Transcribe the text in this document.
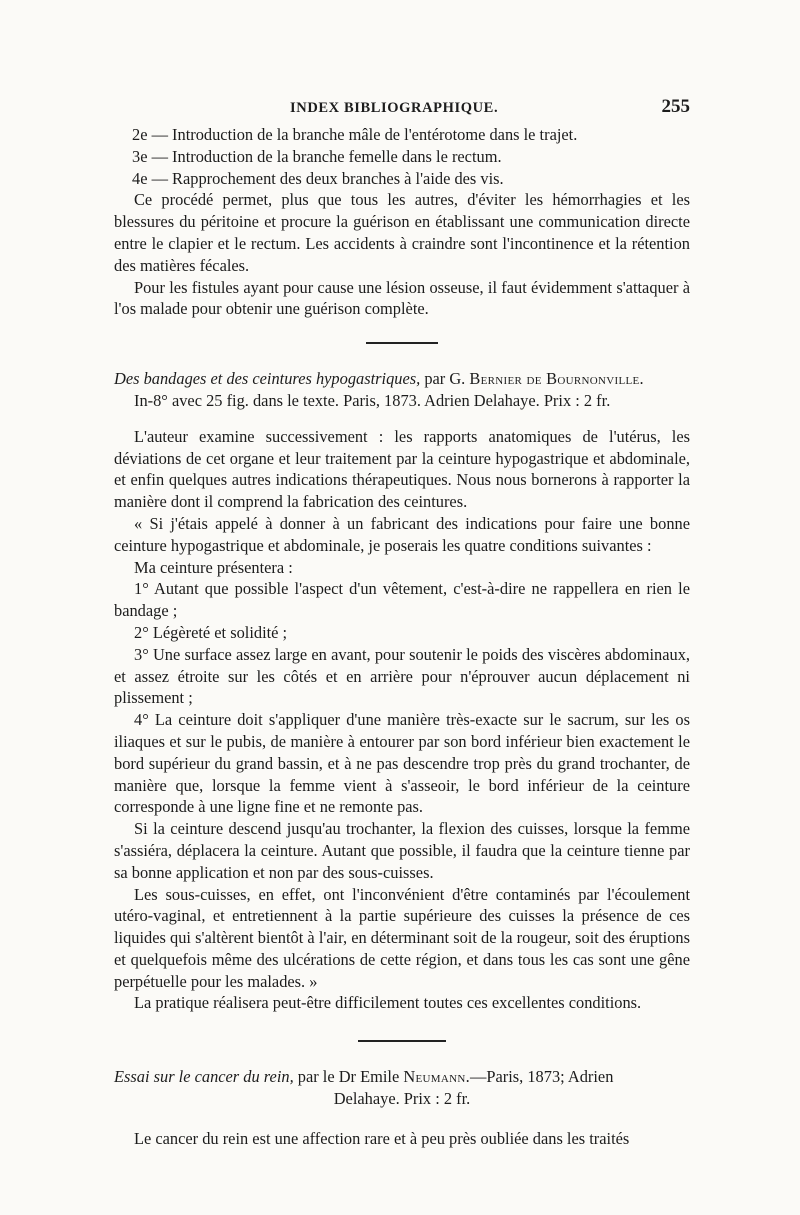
INDEX BIBLIOGRAPHIQUE.	255

2e — Introduction de la branche mâle de l'entérotome dans le trajet.

3e — Introduction de la branche femelle dans le rectum.

4e — Rapprochement des deux branches à l'aide des vis.

Ce procédé permet, plus que tous les autres, d'éviter les hémorrhagies et les blessures du péritoine et procure la guérison en établissant une communication directe entre le clapier et le rectum. Les accidents à craindre sont l'incontinence et la rétention des matières fécales.

Pour les fistules ayant pour cause une lésion osseuse, il faut évidemment s'attaquer à l'os malade pour obtenir une guérison complète.

Des bandages et des ceintures hypogastriques, par G. Bernier de Bournonville.

In-8° avec 25 fig. dans le texte. Paris, 1873. Adrien Delahaye. Prix : 2 fr.

L'auteur examine successivement : les rapports anatomiques de l'utérus, les déviations de cet organe et leur traitement par la ceinture hypogastrique et abdominale, et enfin quelques autres indications thérapeutiques. Nous nous bornerons à rapporter la manière dont il comprend la fabrication des ceintures.

« Si j'étais appelé à donner à un fabricant des indications pour faire une bonne ceinture hypogastrique et abdominale, je poserais les quatre conditions suivantes :

Ma ceinture présentera :

1° Autant que possible l'aspect d'un vêtement, c'est-à-dire ne rappellera en rien le bandage ;

2° Légèreté et solidité ;

3° Une surface assez large en avant, pour soutenir le poids des viscères abdominaux, et assez étroite sur les côtés et en arrière pour n'éprouver aucun déplacement ni plissement ;

4° La ceinture doit s'appliquer d'une manière très-exacte sur le sacrum, sur les os iliaques et sur le pubis, de manière à entourer par son bord inférieur bien exactement le bord supérieur du grand bassin, et à ne pas descendre trop près du grand trochanter, de manière que, lorsque la femme vient à s'asseoir, le bord inférieur de la ceinture corresponde à une ligne fine et ne remonte pas.

Si la ceinture descend jusqu'au trochanter, la flexion des cuisses, lorsque la femme s'assiéra, déplacera la ceinture. Autant que possible, il faudra que la ceinture tienne par sa bonne application et non par des sous-cuisses.

Les sous-cuisses, en effet, ont l'inconvénient d'être contaminés par l'écoulement utéro-vaginal, et entretiennent à la partie supérieure des cuisses la présence de ces liquides qui s'altèrent bientôt à l'air, en déterminant soit de la rougeur, soit des éruptions et quelquefois même des ulcérations de cette région, et dans tous les cas sont une gêne perpétuelle pour les malades. »

La pratique réalisera peut-être difficilement toutes ces excellentes conditions.

Essai sur le cancer du rein, par le Dr Emile Neumann.—Paris, 1873; Adrien

Delahaye. Prix : 2 fr.

Le cancer du rein est une affection rare et à peu près oubliée dans les traités
